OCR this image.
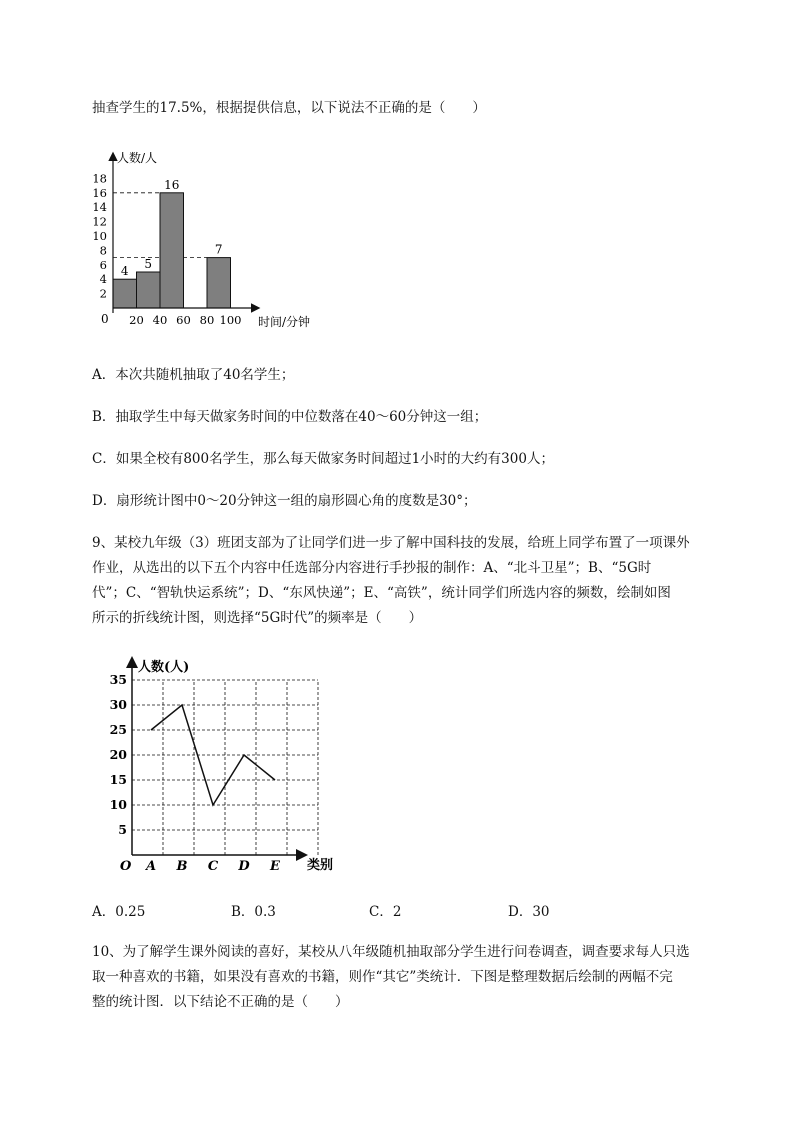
抽查学生的17.5%，根据提供信息，以下说法不正确的是（　　）
4
5
16
7
人数/人
时间/分钟
0
2
4
6
8
10
12
14
16
18
20 40 60 80 100
A．本次共随机抽取了40名学生；
B．抽取学生中每天做家务时间的中位数落在40～60分钟这一组；
C．如果全校有800名学生，那么每天做家务时间超过1小时的大约有300人；
D．扇形统计图中0～20分钟这一组的扇形圆心角的度数是30°；
9、某校九年级（3）班团支部为了让同学们进一步了解中国科技的发展，给班上同学布置了一项课外
作业，从选出的以下五个内容中任选部分内容进行手抄报的制作：A、“北斗卫星”；B、“5G时
代”；C、“智轨快运系统”；D、“东风快递”；E、“高铁”，统计同学们所选内容的频数，绘制如图
所示的折线统计图，则选择“5G时代”的频率是（　　）
人数(人)
类别
O
5
10
15
20
25
30
35
A B C D E
A．0.25	B．0.3	C．2	D．30
10、为了解学生课外阅读的喜好，某校从八年级随机抽取部分学生进行问卷调查，调查要求每人只选
取一种喜欢的书籍，如果没有喜欢的书籍，则作“其它”类统计．下图是整理数据后绘制的两幅不完
整的统计图．以下结论不正确的是（　　）
